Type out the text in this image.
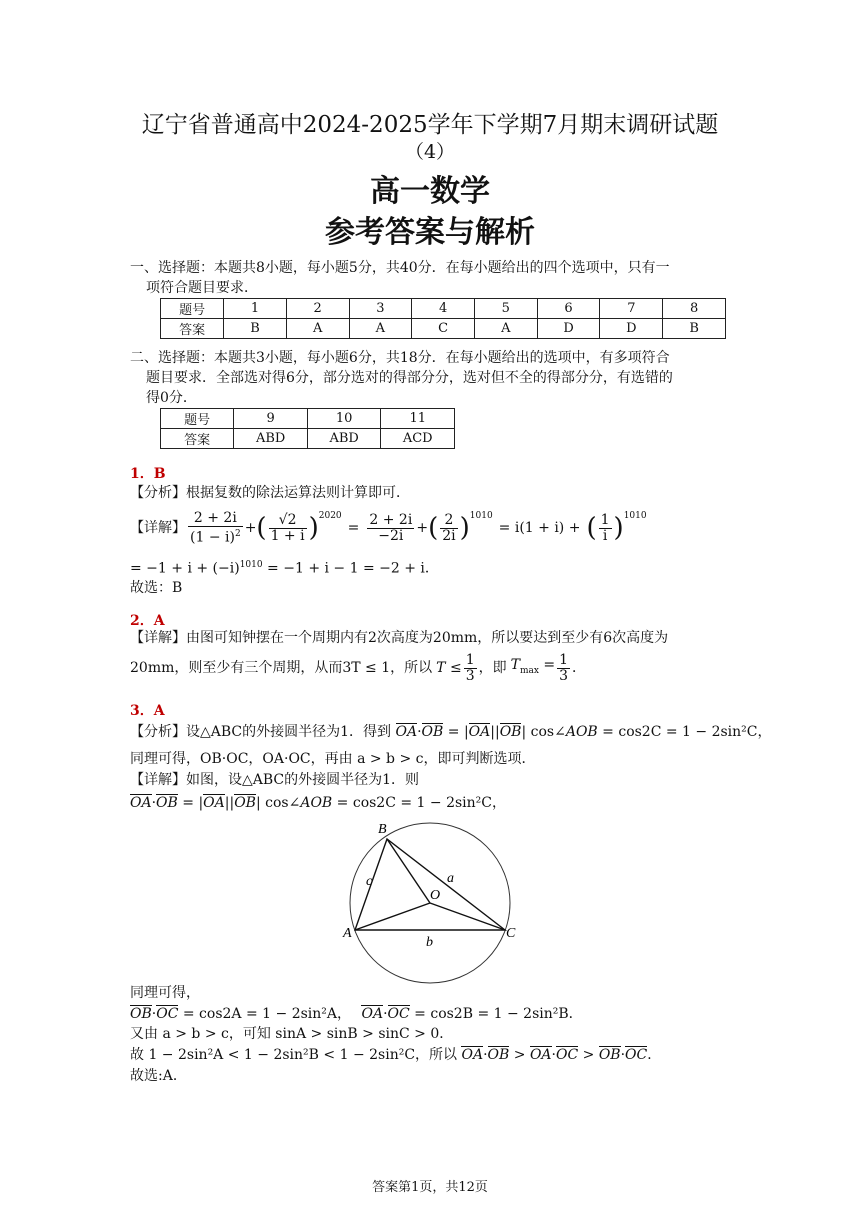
辽宁省普通高中2024-2025学年下学期7月期末调研试题
（4）
高一数学
参考答案与解析
一、选择题：本题共8小题，每小题5分，共40分．在每小题给出的四个选项中，只有一
项符合题目要求．
题号	1	2	3	4	5	6	7	8
答案	B	A	A	C	A	D	D	B
二、选择题：本题共3小题，每小题6分，共18分．在每小题给出的选项中，有多项符合
题目要求．全部选对得6分，部分选对的得部分分，选对但不全的得部分分，有选错的
得0分．
题号	9	10	11
答案	ABD	ABD	ACD
1．B
【分析】根据复数的除法运算法则计算即可．
【详解】 $\frac{2 + 2i}{(1 - i)^2}$ + ( $\frac{√2}{1 + i} )^{2020}$
= $\frac{2 + 2i}{-2i}$ + ( $\frac{2}{2i} )^{1010}$
= i(1 + i) + ( $\frac{1}{i} )^{1010}$
= $-1 + i + (-i)^{1010} = -1 + i - 1 = -2 + i$．
故选：B
2．A
【详解】由图可知钟摆在一个周期内有2次高度为20mm，所以要达到至少有6次高度为
20mm，则至少有三个周期，从而3T ≤ 1，所以 $T \le \frac{1}{3}$ ，即 $T_{max} = \frac{1}{3}$ ．
3．A
【分析】设△ABC的外接圆半径为1．得到 OA·OB = |OA||OB| cos∠AOB = cos2C = 1 − 2sin²C，
同理可得，OB·OC，OA·OC，再由 a > b > c，即可判断选项．
【详解】如图，设△ABC的外接圆半径为1．则
OA·OB = |OA||OB| cos∠AOB = cos2C = 1 − 2sin²C，
B
c
O
a
A
b
C
同理可得，
OB·OC = cos2A = 1 − 2sin²A， OA·OC = cos2B = 1 − 2sin²B．
又由 a > b > c，可知 sinA > sinB > sinC > 0．
故 1 − 2sin²A < 1 − 2sin²B < 1 − 2sin²C，所以 OA·OB > OA·OC > OB·OC．
故选:A．
答案第1页，共12页
